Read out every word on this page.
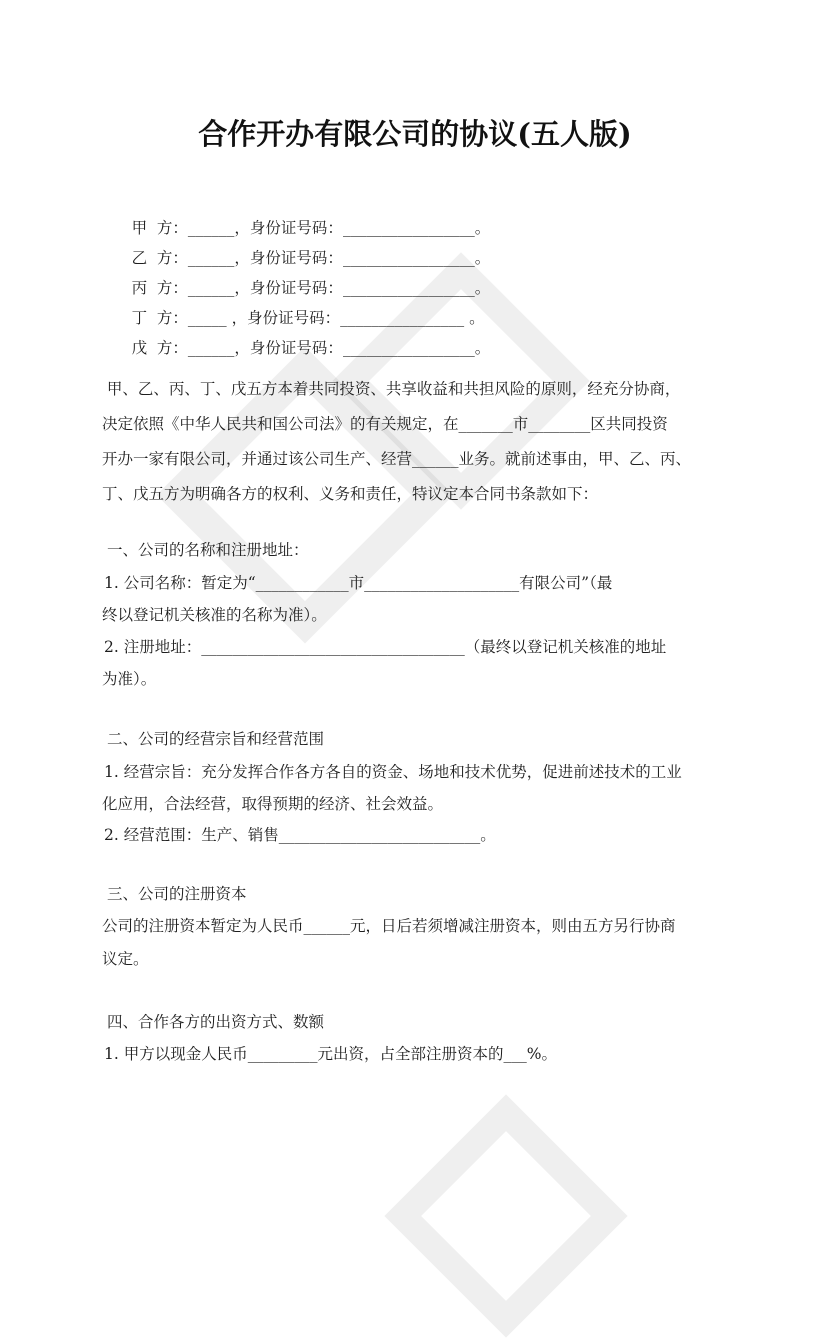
合作开办有限公司的协议(五人版)

甲  方：______，身份证号码：_________________。

乙  方：______，身份证号码：_________________。

丙  方：______，身份证号码：_________________。

丁  方：_____ ，身份证号码：________________ 。

戊  方：______，身份证号码：_________________。

甲、乙、丙、丁、戊五方本着共同投资、共享收益和共担风险的原则，经充分协商，
决定依照《中华人民共和国公司法》的有关规定，在_______市________区共同投资
开办一家有限公司，并通过该公司生产、经营______业务。就前述事由，甲、乙、丙、
丁、戊五方为明确各方的权利、义务和责任，特议定本合同书条款如下：
一、公司的名称和注册地址：
1. 公司名称：暂定为“____________市____________________有限公司”（最
终以登记机关核准的名称为准）。
2. 注册地址：__________________________________（最终以登记机关核准的地址
为准）。
二、公司的经营宗旨和经营范围
1. 经营宗旨：充分发挥合作各方各自的资金、场地和技术优势，促进前述技术的工业
化应用，合法经营，取得预期的经济、社会效益。
2. 经营范围：生产、销售__________________________。
三、公司的注册资本
公司的注册资本暂定为人民币______元，日后若须增减注册资本，则由五方另行协商
议定。
四、合作各方的出资方式、数额
1. 甲方以现金人民币_________元出资，占全部注册资本的___%。
